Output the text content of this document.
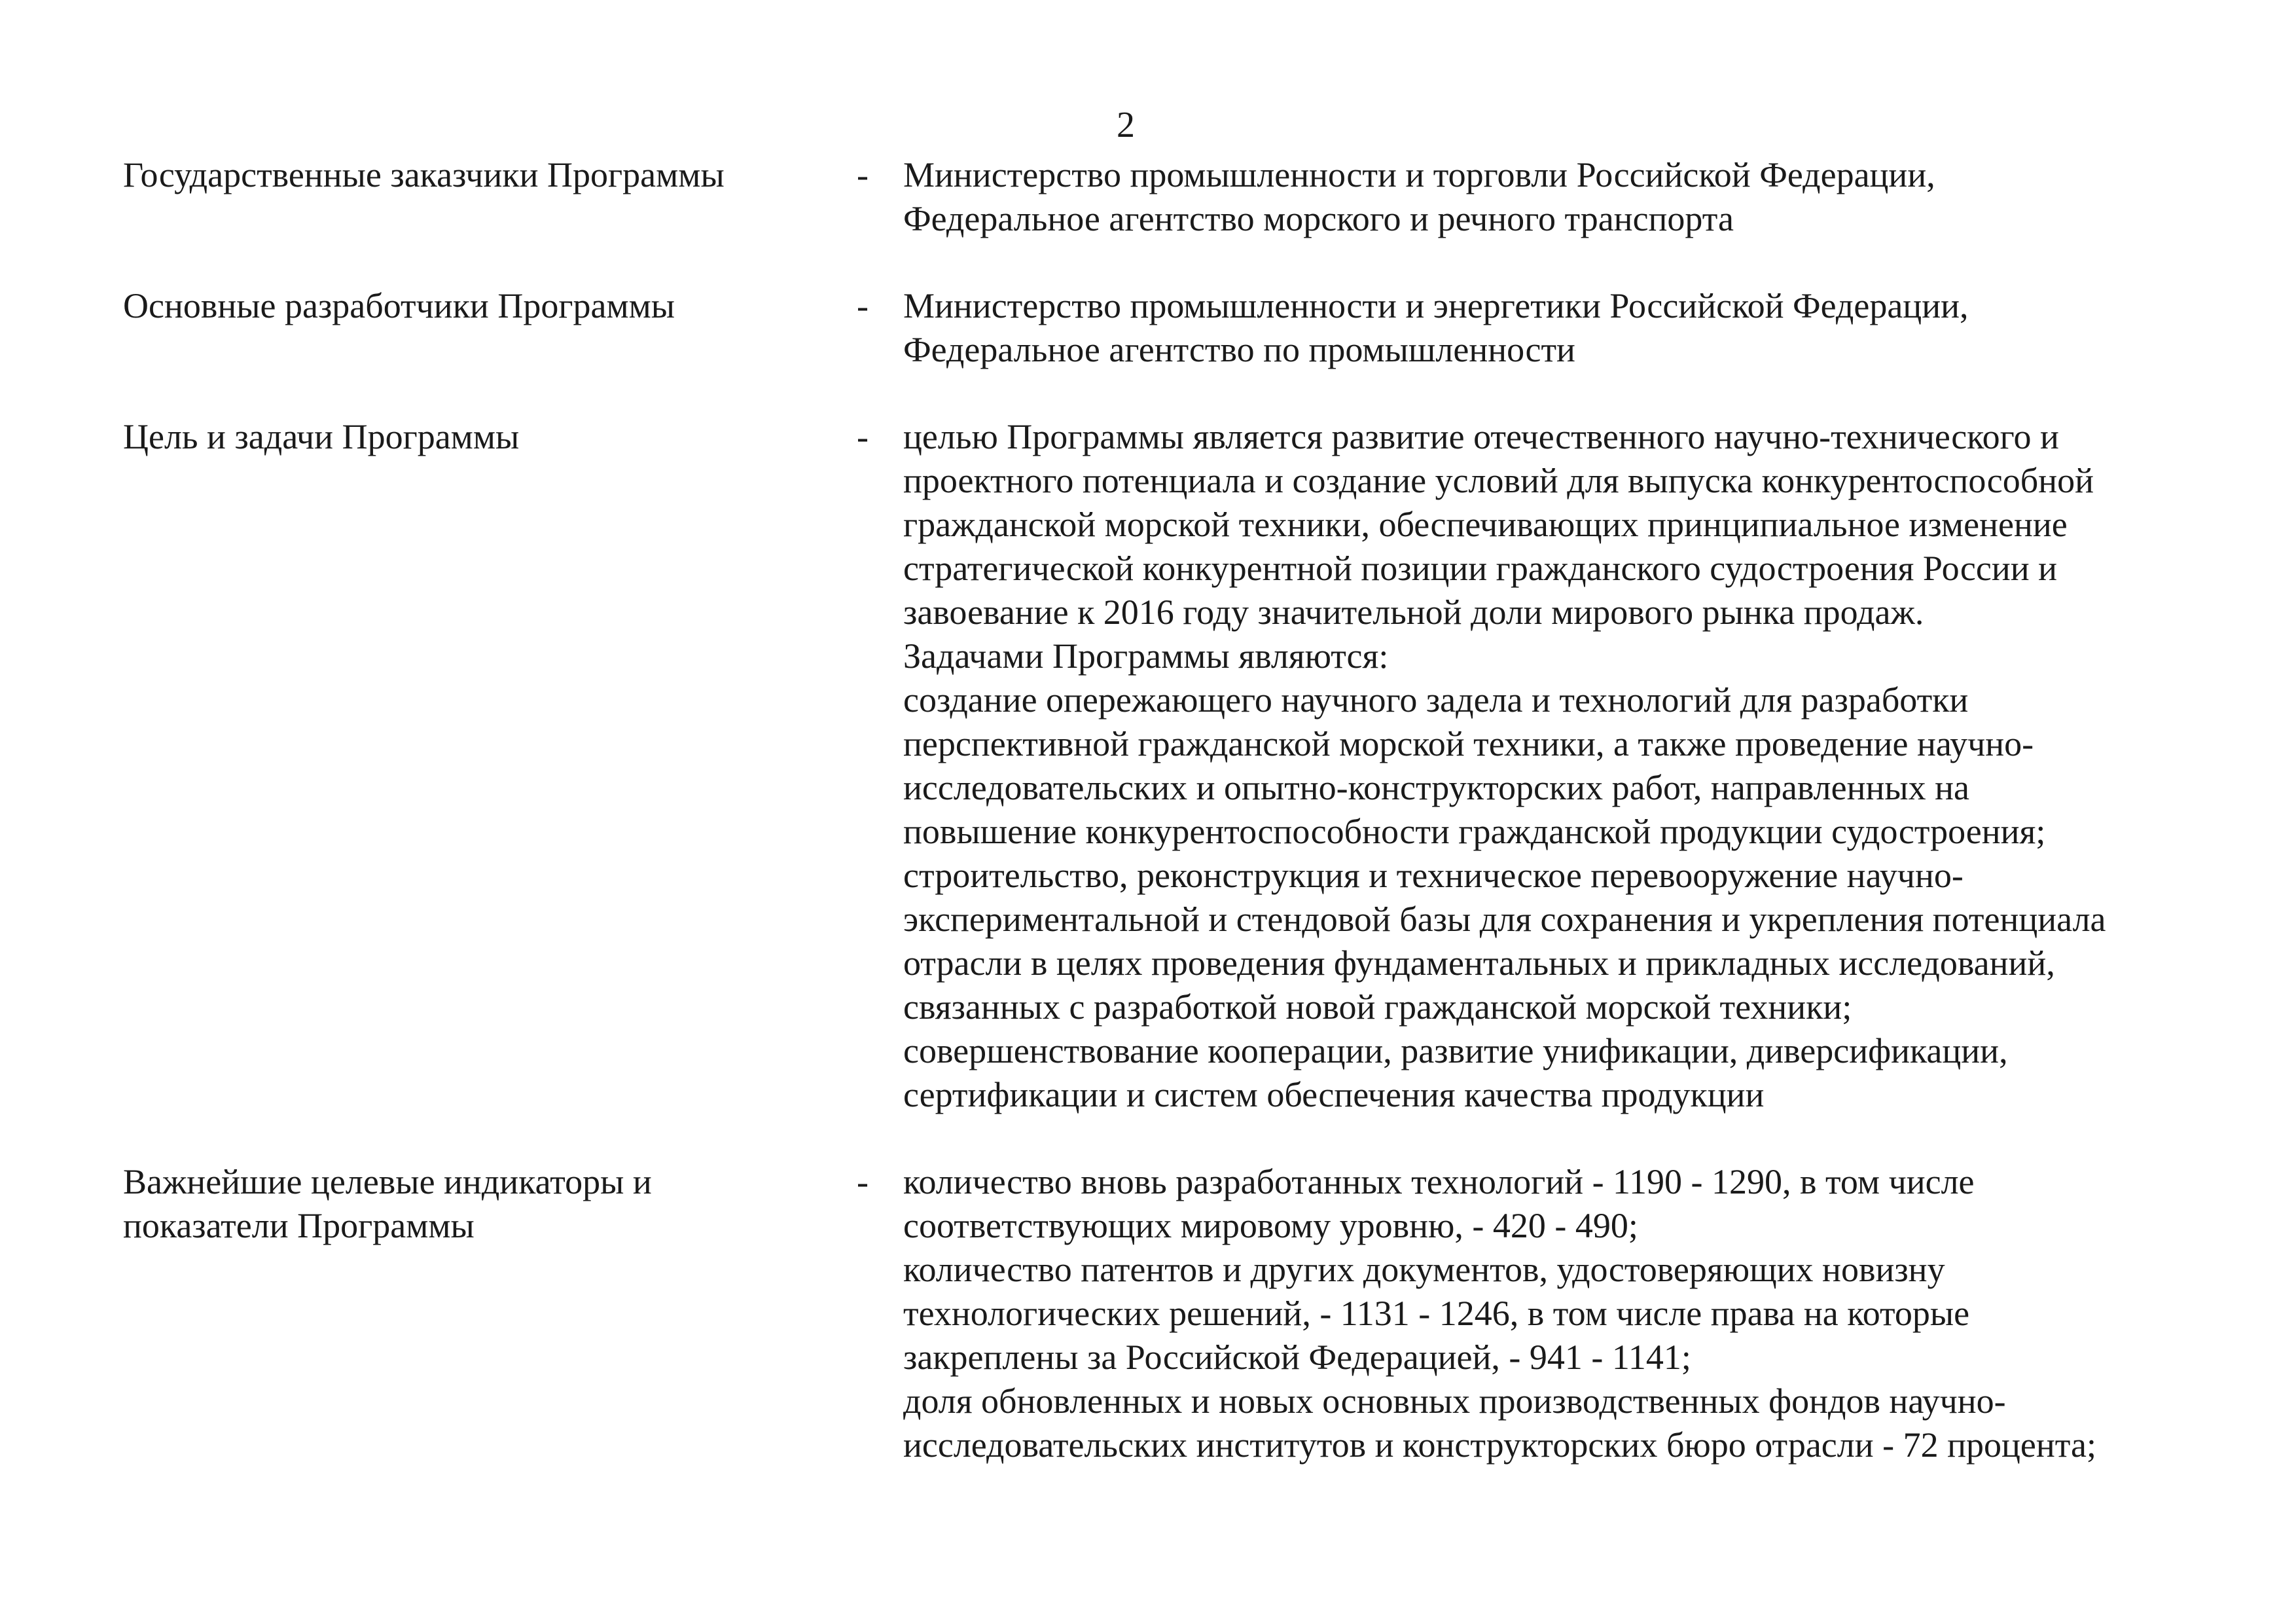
2
Государственные заказчики Программы	- Министерство промышленности и торговли Российской Федерации,
Федеральное агентство морского и речного транспорта
Основные разработчики Программы	- Министерство промышленности и энергетики Российской Федерации,
Федеральное агентство по промышленности
Цель и задачи Программы	- целью Программы является развитие отечественного научно-технического и
проектного потенциала и создание условий для выпуска конкурентоспособной
гражданской морской техники, обеспечивающих принципиальное изменение
стратегической конкурентной позиции гражданского судостроения России и
завоевание к 2016 году значительной доли мирового рынка продаж.
Задачами Программы являются:
создание опережающего научного задела и технологий для разработки
перспективной гражданской морской техники, а также проведение научно-
исследовательских и опытно-конструкторских работ, направленных на
повышение конкурентоспособности гражданской продукции судостроения;
строительство, реконструкция и техническое перевооружение научно-
экспериментальной и стендовой базы для сохранения и укрепления потенциала
отрасли в целях проведения фундаментальных и прикладных исследований,
связанных с разработкой новой гражданской морской техники;
совершенствование кооперации, развитие унификации, диверсификации,
сертификации и систем обеспечения качества продукции
Важнейшие целевые индикаторы и
показатели Программы
- количество вновь разработанных технологий - 1190 - 1290, в том числе
соответствующих мировому уровню, - 420 - 490;
количество патентов и других документов, удостоверяющих новизну
технологических решений, - 1131 - 1246, в том числе права на которые
закреплены за Российской Федерацией, - 941 - 1141;
доля обновленных и новых основных производственных фондов научно-
исследовательских институтов и конструкторских бюро отрасли - 72 процента;
